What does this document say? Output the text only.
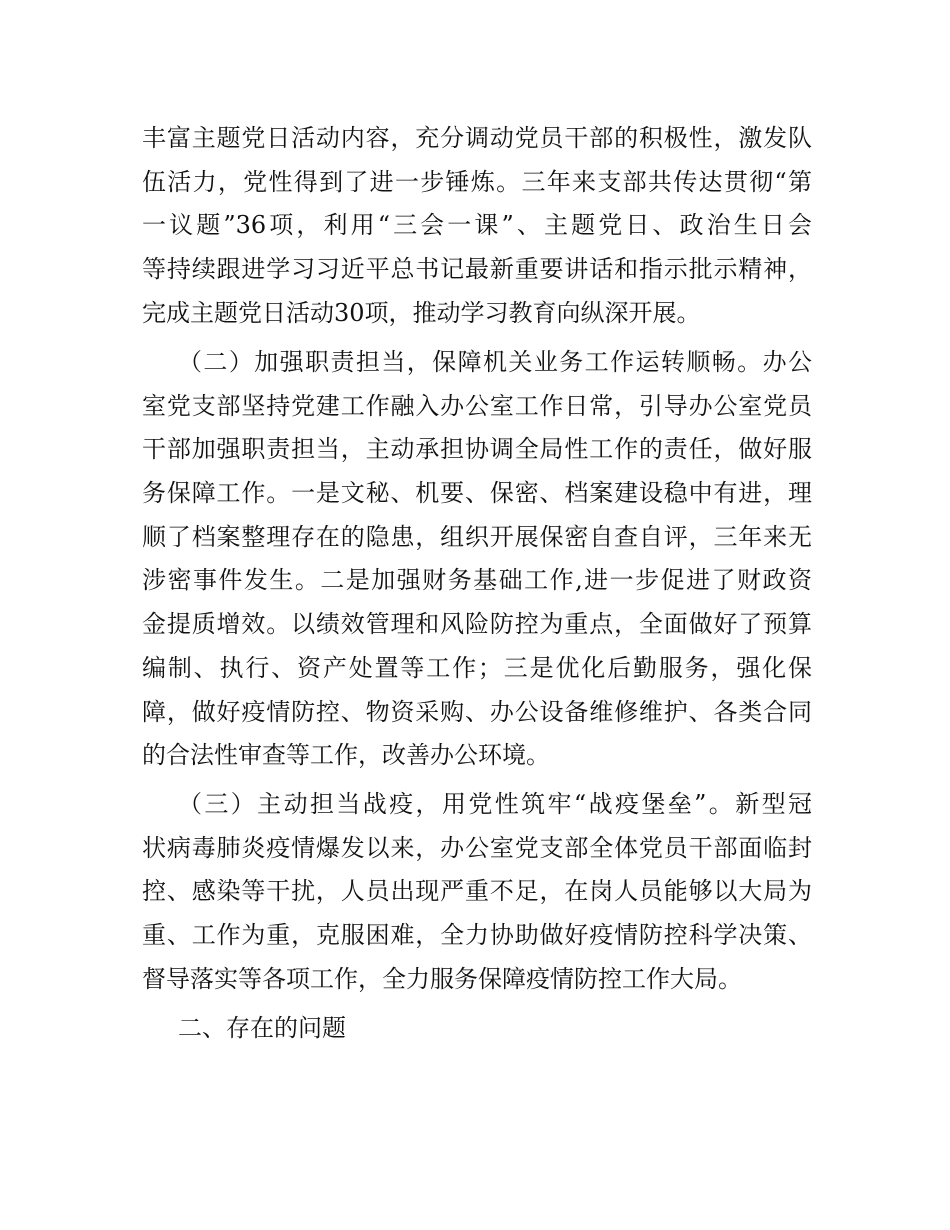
丰富主题党日活动内容，充分调动党员干部的积极性，激发队
伍活力，党性得到了进一步锤炼。三年来支部共传达贯彻“第
一议题”36项，利用“三会一课”、主题党日、政治生日会
等持续跟进学习习近平总书记最新重要讲话和指示批示精神，
完成主题党日活动30项，推动学习教育向纵深开展。
（二）加强职责担当，保障机关业务工作运转顺畅。办公
室党支部坚持党建工作融入办公室工作日常，引导办公室党员
干部加强职责担当，主动承担协调全局性工作的责任，做好服
务保障工作。一是文秘、机要、保密、档案建设稳中有进，理
顺了档案整理存在的隐患，组织开展保密自查自评，三年来无
涉密事件发生。二是加强财务基础工作,进一步促进了财政资
金提质增效。以绩效管理和风险防控为重点，全面做好了预算
编制、执行、资产处置等工作；三是优化后勤服务，强化保
障，做好疫情防控、物资采购、办公设备维修维护、各类合同
的合法性审查等工作，改善办公环境。
（三）主动担当战疫，用党性筑牢“战疫堡垒”。新型冠
状病毒肺炎疫情爆发以来，办公室党支部全体党员干部面临封
控、感染等干扰，人员出现严重不足，在岗人员能够以大局为
重、工作为重，克服困难，全力协助做好疫情防控科学决策、
督导落实等各项工作，全力服务保障疫情防控工作大局。
二、存在的问题
